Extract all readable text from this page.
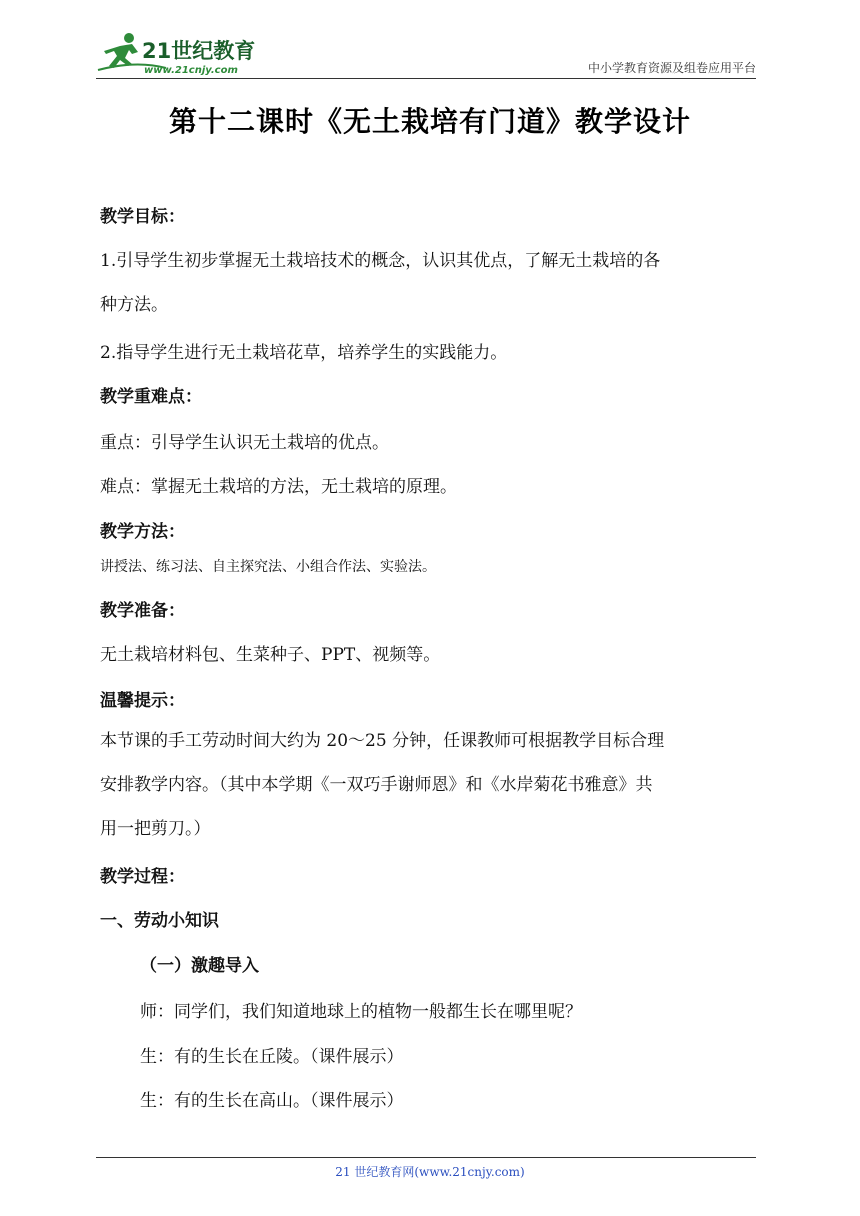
21世纪教育
www.21cnjy.com	中小学教育资源及组卷应用平台
第十二课时《无土栽培有门道》教学设计
教学目标：
1.引导学生初步掌握无土栽培技术的概念，认识其优点，了解无土栽培的各
种方法。
2.指导学生进行无土栽培花草，培养学生的实践能力。
教学重难点：
重点：引导学生认识无土栽培的优点。
难点：掌握无土栽培的方法，无土栽培的原理。
教学方法：
讲授法、练习法、自主探究法、小组合作法、实验法。
教学准备：
无土栽培材料包、生菜种子、PPT、视频等。
温馨提示：
本节课的手工劳动时间大约为 20～25 分钟，任课教师可根据教学目标合理
安排教学内容。（其中本学期《一双巧手谢师恩》和《水岸菊花书雅意》共
用一把剪刀。）
教学过程：
一、劳动小知识
（一）激趣导入
师：同学们，我们知道地球上的植物一般都生长在哪里呢？
生：有的生长在丘陵。（课件展示）
生：有的生长在高山。（课件展示）
21 世纪教育网(www.21cnjy.com)
